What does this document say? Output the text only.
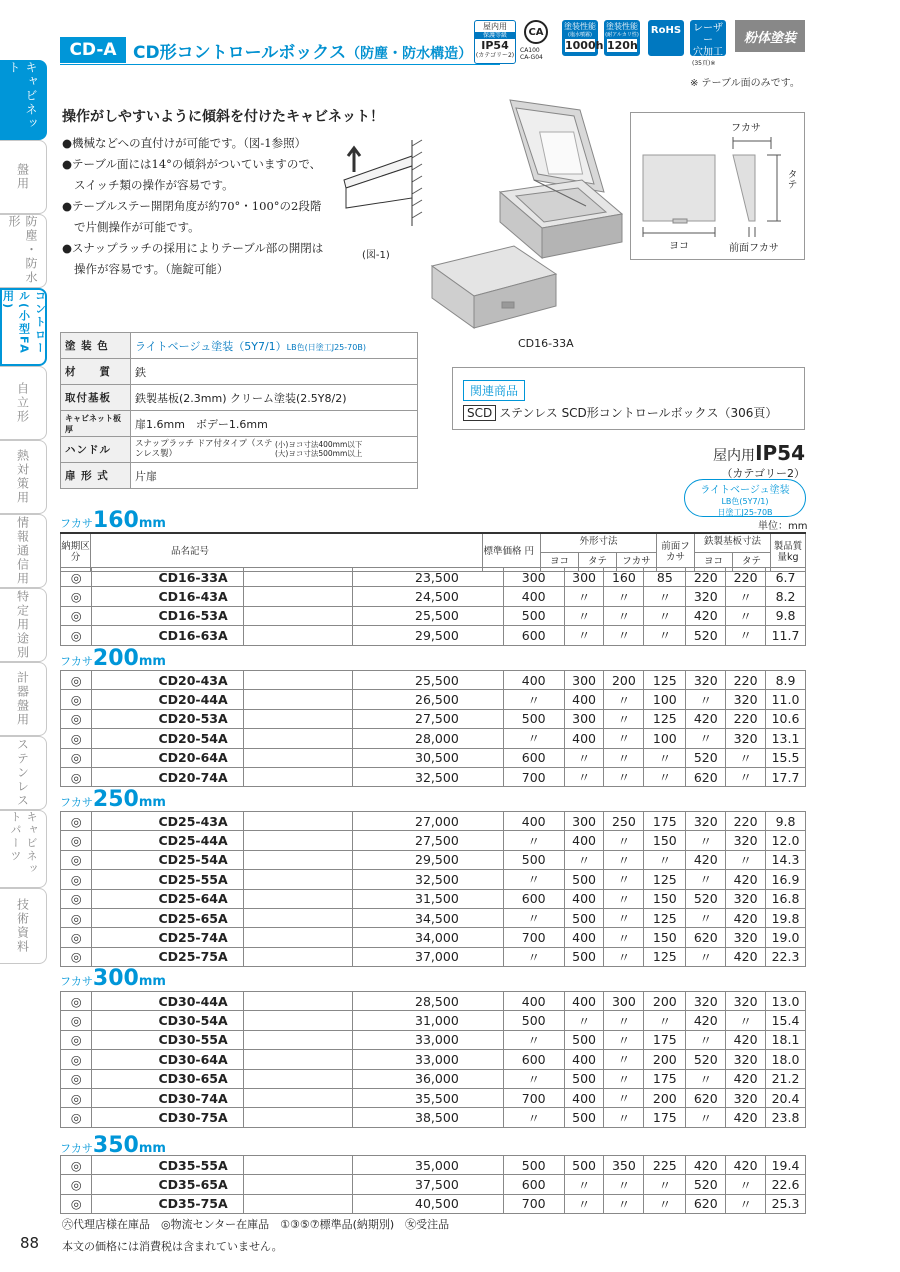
キャビネット
盤用
防塵・防水形
コントロール(小型FA用)
自立形
熱対策用
情報通信用
特定用途別
計器盤用
ステンレス
キャビネットパーツ
技術資料
CD-A CD形コントロールボックス（防塵・防水構造）
屋内用
保護等級
IP54
(カテゴリー2)
CA
CA100 CA-G04
塗装性能
(塩水噴霧)
1000h
塗装性能
(耐アルカリ性)
120h
RoHS レーザー
穴加工
(35頁)※
粉体塗装
※ テーブル面のみです。
操作がしやすいように傾斜を付けたキャビネット！
●機械などへの直付けが可能です。（図-1参照）
●テーブル面には14°の傾斜がついていますので、スイッチ類の操作が容易です。
●テーブルステー開閉角度が約70°・100°の2段階で片側操作が可能です。
●スナップラッチの採用によりテーブル部の開閉は操作が容易です。（施錠可能）
(図-1)
CD16-33A
フカサ
タテ
ヨコ	前面フカサ
塗 装 色	ライトベージュ塗装（5Y7/1）LB色(日塗工J25-70B)
材　　質	鉄
取付基板	鉄製基板(2.3mm) クリーム塗装(2.5Y8/2)
キャビネット板厚	扉1.6mm　ボデー1.6mm
ハンドル	スナップラッチ ドア付タイプ（ステンレス製）(小)ヨコ寸法400mm以下 (大)ヨコ寸法500mm以上
扉 形 式	片扉
関連商品
SCD ステンレス SCD形コントロールボックス（306頁）
屋内用IP54
（カテゴリー2）
ライトベージュ塗装
LB色(5Y7/1)
日塗工J25-70B
単位：mm
フカサ160mm
フカサ200mm
フカサ250mm
フカサ300mm
フカサ350mm
納期区分	品名記号	標準価格 円	外形寸法			前面フカサ	鉄製基板寸法		製品質量kg
			ヨコ	タテ	フカサ		ヨコ	タテ	
◎	CD16-33A		23,500	300	300	160	85	220	220	6.7
◎	CD16-43A		24,500	400	〃	〃	〃	320	〃	8.2
◎	CD16-53A		25,500	500	〃	〃	〃	420	〃	9.8
◎	CD16-63A		29,500	600	〃	〃	〃	520	〃	11.7
◎	CD20-43A		25,500	400	300	200	125	320	220	8.9
◎	CD20-44A		26,500	〃	400	〃	100	〃	320	11.0
◎	CD20-53A		27,500	500	300	〃	125	420	220	10.6
◎	CD20-54A		28,000	〃	400	〃	100	〃	320	13.1
◎	CD20-64A		30,500	600	〃	〃	〃	520	〃	15.5
◎	CD20-74A		32,500	700	〃	〃	〃	620	〃	17.7
◎	CD25-43A		27,000	400	300	250	175	320	220	9.8
◎	CD25-44A		27,500	〃	400	〃	150	〃	320	12.0
◎	CD25-54A		29,500	500	〃	〃	〃	420	〃	14.3
◎	CD25-55A		32,500	〃	500	〃	125	〃	420	16.9
◎	CD25-64A		31,500	600	400	〃	150	520	320	16.8
◎	CD25-65A		34,500	〃	500	〃	125	〃	420	19.8
◎	CD25-74A		34,000	700	400	〃	150	620	320	19.0
◎	CD25-75A		37,000	〃	500	〃	125	〃	420	22.3
◎	CD30-44A		28,500	400	400	300	200	320	320	13.0
◎	CD30-54A		31,000	500	〃	〃	〃	420	〃	15.4
◎	CD30-55A		33,000	〃	500	〃	175	〃	420	18.1
◎	CD30-64A		33,000	600	400	〃	200	520	320	18.0
◎	CD30-65A		36,000	〃	500	〃	175	〃	420	21.2
◎	CD30-74A		35,500	700	400	〃	200	620	320	20.4
◎	CD30-75A		38,500	〃	500	〃	175	〃	420	23.8
◎	CD35-55A		35,000	500	500	350	225	420	420	19.4
◎	CD35-65A		37,500	600	〃	〃	〃	520	〃	22.6
◎	CD35-75A		40,500	700	〃	〃	〃	620	〃	25.3
㊅代理店様在庫品　◎物流センター在庫品　①③⑤⑦標準品(納期別)　㊛受注品
本文の価格には消費税は含まれていません。
88
